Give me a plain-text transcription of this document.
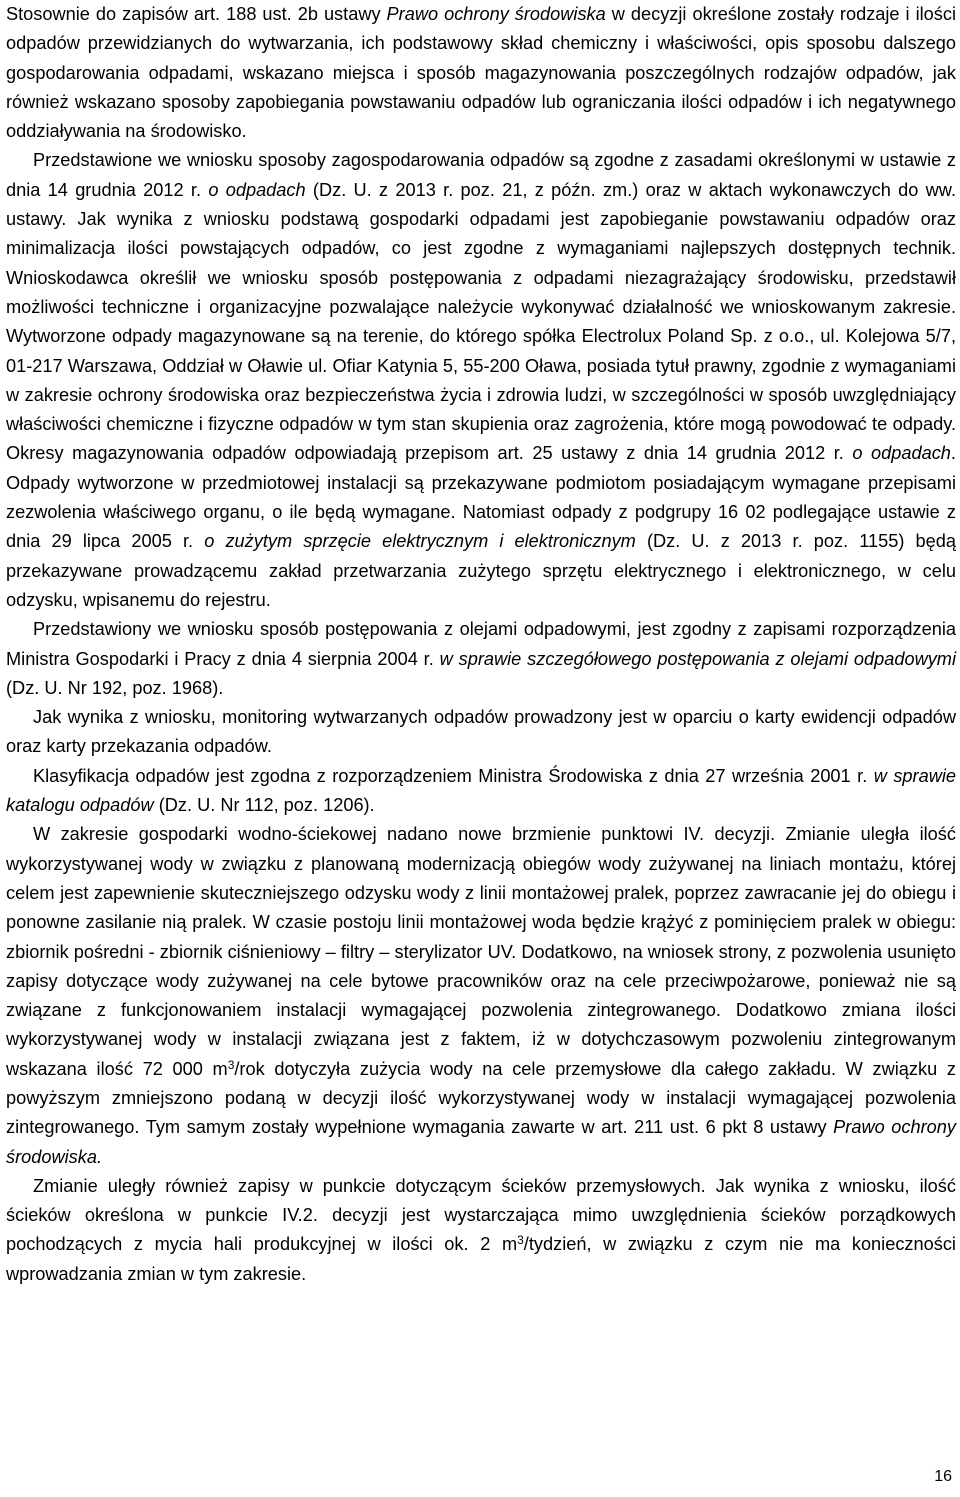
Stosownie do zapisów art. 188 ust. 2b ustawy Prawo ochrony środowiska w decyzji określone zostały rodzaje i ilości odpadów przewidzianych do wytwarzania, ich podstawowy skład chemiczny i właściwości, opis sposobu dalszego gospodarowania odpadami, wskazano miejsca i sposób magazynowania poszczególnych rodzajów odpadów, jak również wskazano sposoby zapobiegania powstawaniu odpadów lub ograniczania ilości odpadów i ich negatywnego oddziaływania na środowisko.

Przedstawione we wniosku sposoby zagospodarowania odpadów są zgodne z zasadami określonymi w ustawie z dnia 14 grudnia 2012 r. o odpadach (Dz. U. z 2013 r. poz. 21, z późn. zm.) oraz w aktach wykonawczych do ww. ustawy. Jak wynika z wniosku podstawą gospodarki odpadami jest zapobieganie powstawaniu odpadów oraz minimalizacja ilości powstających odpadów, co jest zgodne z wymaganiami najlepszych dostępnych technik. Wnioskodawca określił we wniosku sposób postępowania z odpadami niezagrażający środowisku, przedstawił możliwości techniczne i organizacyjne pozwalające należycie wykonywać działalność we wnioskowanym zakresie. Wytworzone odpady magazynowane są na terenie, do którego spółka Electrolux Poland Sp. z o.o., ul. Kolejowa 5/7, 01-217 Warszawa, Oddział w Oławie ul. Ofiar Katynia 5, 55-200 Oława, posiada tytuł prawny, zgodnie z wymaganiami w zakresie ochrony środowiska oraz bezpieczeństwa życia i zdrowia ludzi, w szczególności w sposób uwzględniający właściwości chemiczne i fizyczne odpadów w tym stan skupienia oraz zagrożenia, które mogą powodować te odpady. Okresy magazynowania odpadów odpowiadają przepisom art. 25 ustawy z dnia 14 grudnia 2012 r. o odpadach. Odpady wytworzone w przedmiotowej instalacji są przekazywane podmiotom posiadającym wymagane przepisami zezwolenia właściwego organu, o ile będą wymagane. Natomiast odpady z podgrupy 16 02 podlegające ustawie z dnia 29 lipca 2005 r. o zużytym sprzęcie elektrycznym i elektronicznym (Dz. U. z 2013 r. poz. 1155) będą przekazywane prowadzącemu zakład przetwarzania zużytego sprzętu elektrycznego i elektronicznego, w celu odzysku, wpisanemu do rejestru.

Przedstawiony we wniosku sposób postępowania z olejami odpadowymi, jest zgodny z zapisami rozporządzenia Ministra Gospodarki i Pracy z dnia 4 sierpnia 2004 r. w sprawie szczegółowego postępowania z olejami odpadowymi (Dz. U. Nr 192, poz. 1968).

Jak wynika z wniosku, monitoring wytwarzanych odpadów prowadzony jest w oparciu o karty ewidencji odpadów oraz karty przekazania odpadów.

Klasyfikacja odpadów jest zgodna z rozporządzeniem Ministra Środowiska z dnia 27 września 2001 r. w sprawie katalogu odpadów (Dz. U. Nr 112, poz. 1206).

W zakresie gospodarki wodno-ściekowej nadano nowe brzmienie punktowi IV. decyzji. Zmianie uległa ilość wykorzystywanej wody w związku z planowaną modernizacją obiegów wody zużywanej na liniach montażu, której celem jest zapewnienie skuteczniejszego odzysku wody z linii montażowej pralek, poprzez zawracanie jej do obiegu i ponowne zasilanie nią pralek. W czasie postoju linii montażowej woda będzie krążyć z pominięciem pralek w obiegu: zbiornik pośredni - zbiornik ciśnieniowy – filtry – sterylizator UV. Dodatkowo, na wniosek strony, z pozwolenia usunięto zapisy dotyczące wody zużywanej na cele bytowe pracowników oraz na cele przeciwpożarowe, ponieważ nie są związane z funkcjonowaniem instalacji wymagającej pozwolenia zintegrowanego. Dodatkowo zmiana ilości wykorzystywanej wody w instalacji związana jest z faktem, iż w dotychczasowym pozwoleniu zintegrowanym wskazana ilość 72 000 $m^3$/rok dotyczyła zużycia wody na cele przemysłowe dla całego zakładu. W związku z powyższym zmniejszono podaną w decyzji ilość wykorzystywanej wody w instalacji wymagającej pozwolenia zintegrowanego. Tym samym zostały wypełnione wymagania zawarte w art. 211 ust. 6 pkt 8 ustawy Prawo ochrony środowiska.

Zmianie uległy również zapisy w punkcie dotyczącym ścieków przemysłowych. Jak wynika z wniosku, ilość ścieków określona w punkcie IV.2. decyzji jest wystarczająca mimo uwzględnienia ścieków porządkowych pochodzących z mycia hali produkcyjnej w ilości ok. 2 $m^3$/tydzień, w związku z czym nie ma konieczności wprowadzania zmian w tym zakresie.

16
